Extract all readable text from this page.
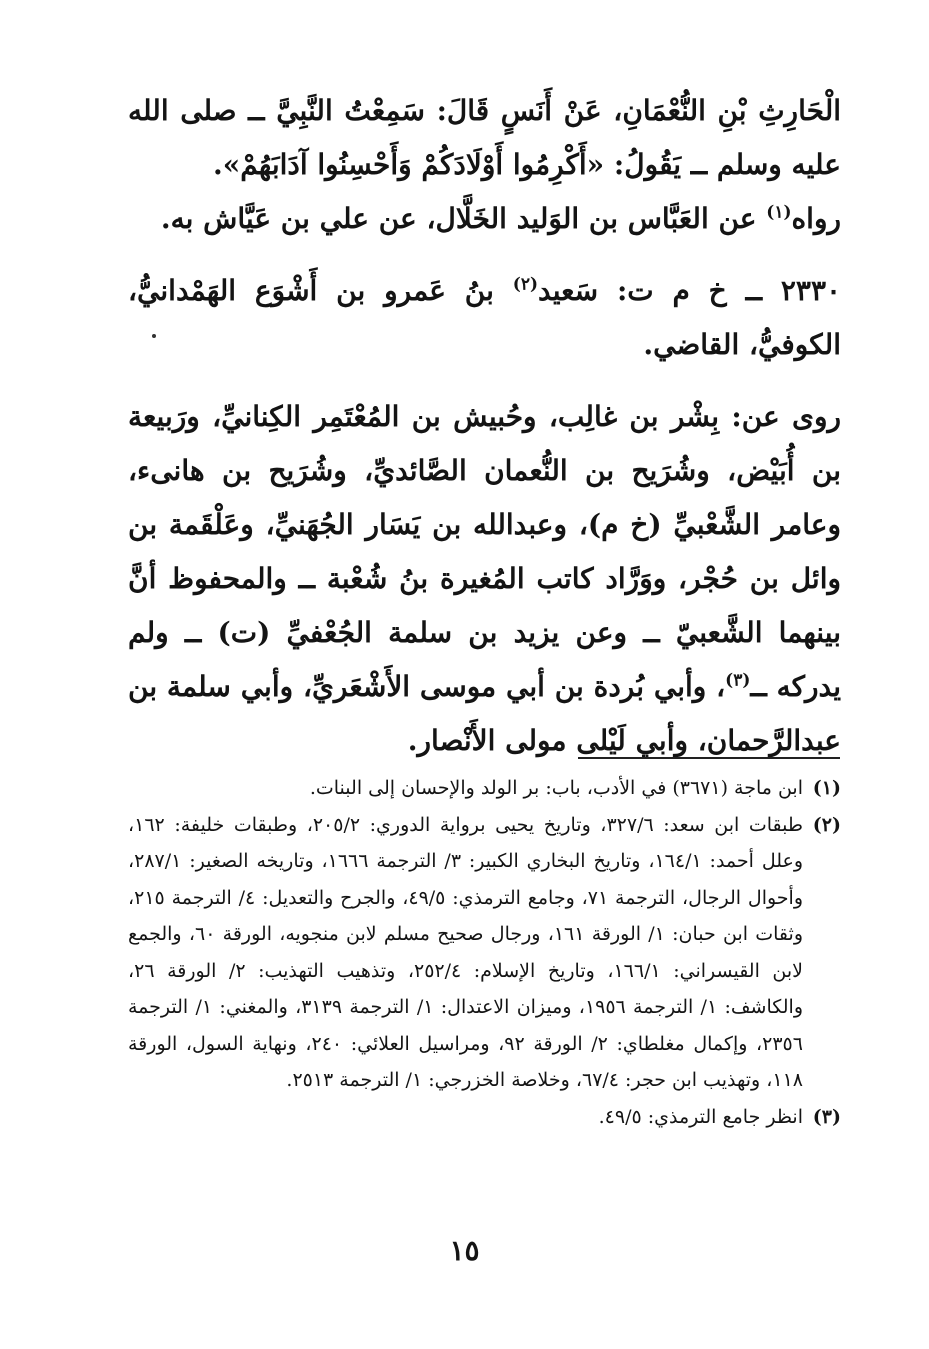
الْحَارِثِ بْنِ النُّعْمَانِ، عَنْ أَنَسٍ قَالَ: سَمِعْتُ النَّبِيَّ ــ صلى الله عليه وسلم ــ يَقُولُ: «أَكْرِمُوا أَوْلَادَكُمْ وَأَحْسِنُوا آدَابَهُمْ».

رواه$^{(١)}$ عن العَبَّاس بن الوَليد الخَلَّال، عن علي بن عَيَّاش به.

٢٣٣٠ ــ خ م ت: سَعيد$^{(٢)}$ بنُ عَمرو بن أَشْوَع الهَمْدانيُّ، الكوفيُّ، القاضي.

روى عن: بِشْر بن غالِب، وحُبيش بن المُعْتَمِر الكِنانيِّ، ورَبيعة بن أُبَيْض، وشُرَيح بن النُّعمان الصَّائديِّ، وشُرَيح بن هانىء، وعامر الشَّعْبيِّ (خ م)، وعبدالله بن يَسَار الجُهَنيِّ، وعَلْقَمة بن وائل بن حُجْر، ووَرَّاد كاتب المُغيرة بنُ شُعْبة ــ والمحفوظ أنَّ بينهما الشَّعبيّ ــ وعن يزيد بن سلمة الجُعْفيِّ (ت) ــ ولم يدركه ــ$^{(٣)}$، وأبي بُردة بن أبي موسى الأَشْعَريِّ، وأبي سلمة بن عبدالرَّحمان، وأبي لَيْلى مولى الأَنْصار.

(١)
ابن ماجة (٣٦٧١) في الأدب، باب: بر الولد والإحسان إلى البنات.
(٢)
طبقات ابن سعد: ٣٢٧/٦، وتاريخ يحيى برواية الدوري: ٢٠٥/٢، وطبقات خليفة: ١٦٢، وعلل أحمد: ١٦٤/١، وتاريخ البخاري الكبير: ٣/ الترجمة ١٦٦٦، وتاريخه الصغير: ٢٨٧/١، وأحوال الرجال، الترجمة ٧١، وجامع الترمذي: ٤٩/٥، والجرح والتعديل: ٤/ الترجمة ٢١٥، وثقات ابن حبان: ١/ الورقة ١٦١، ورجال صحيح مسلم لابن منجويه، الورقة ٦٠، والجمع لابن القيسراني: ١٦٦/١، وتاريخ الإسلام: ٢٥٢/٤، وتذهيب التهذيب: ٢/ الورقة ٢٦، والكاشف: ١/ الترجمة ١٩٥٦، وميزان الاعتدال: ١/ الترجمة ٣١٣٩، والمغني: ١/ الترجمة ٢٣٥٦، وإكمال مغلطاي: ٢/ الورقة ٩٢، ومراسيل العلائي: ٢٤٠، ونهاية السول، الورقة ١١٨، وتهذيب ابن حجر: ٦٧/٤، وخلاصة الخزرجي: ١/ الترجمة ٢٥١٣.
(٣)
انظر جامع الترمذي: ٤٩/٥.
١٥
